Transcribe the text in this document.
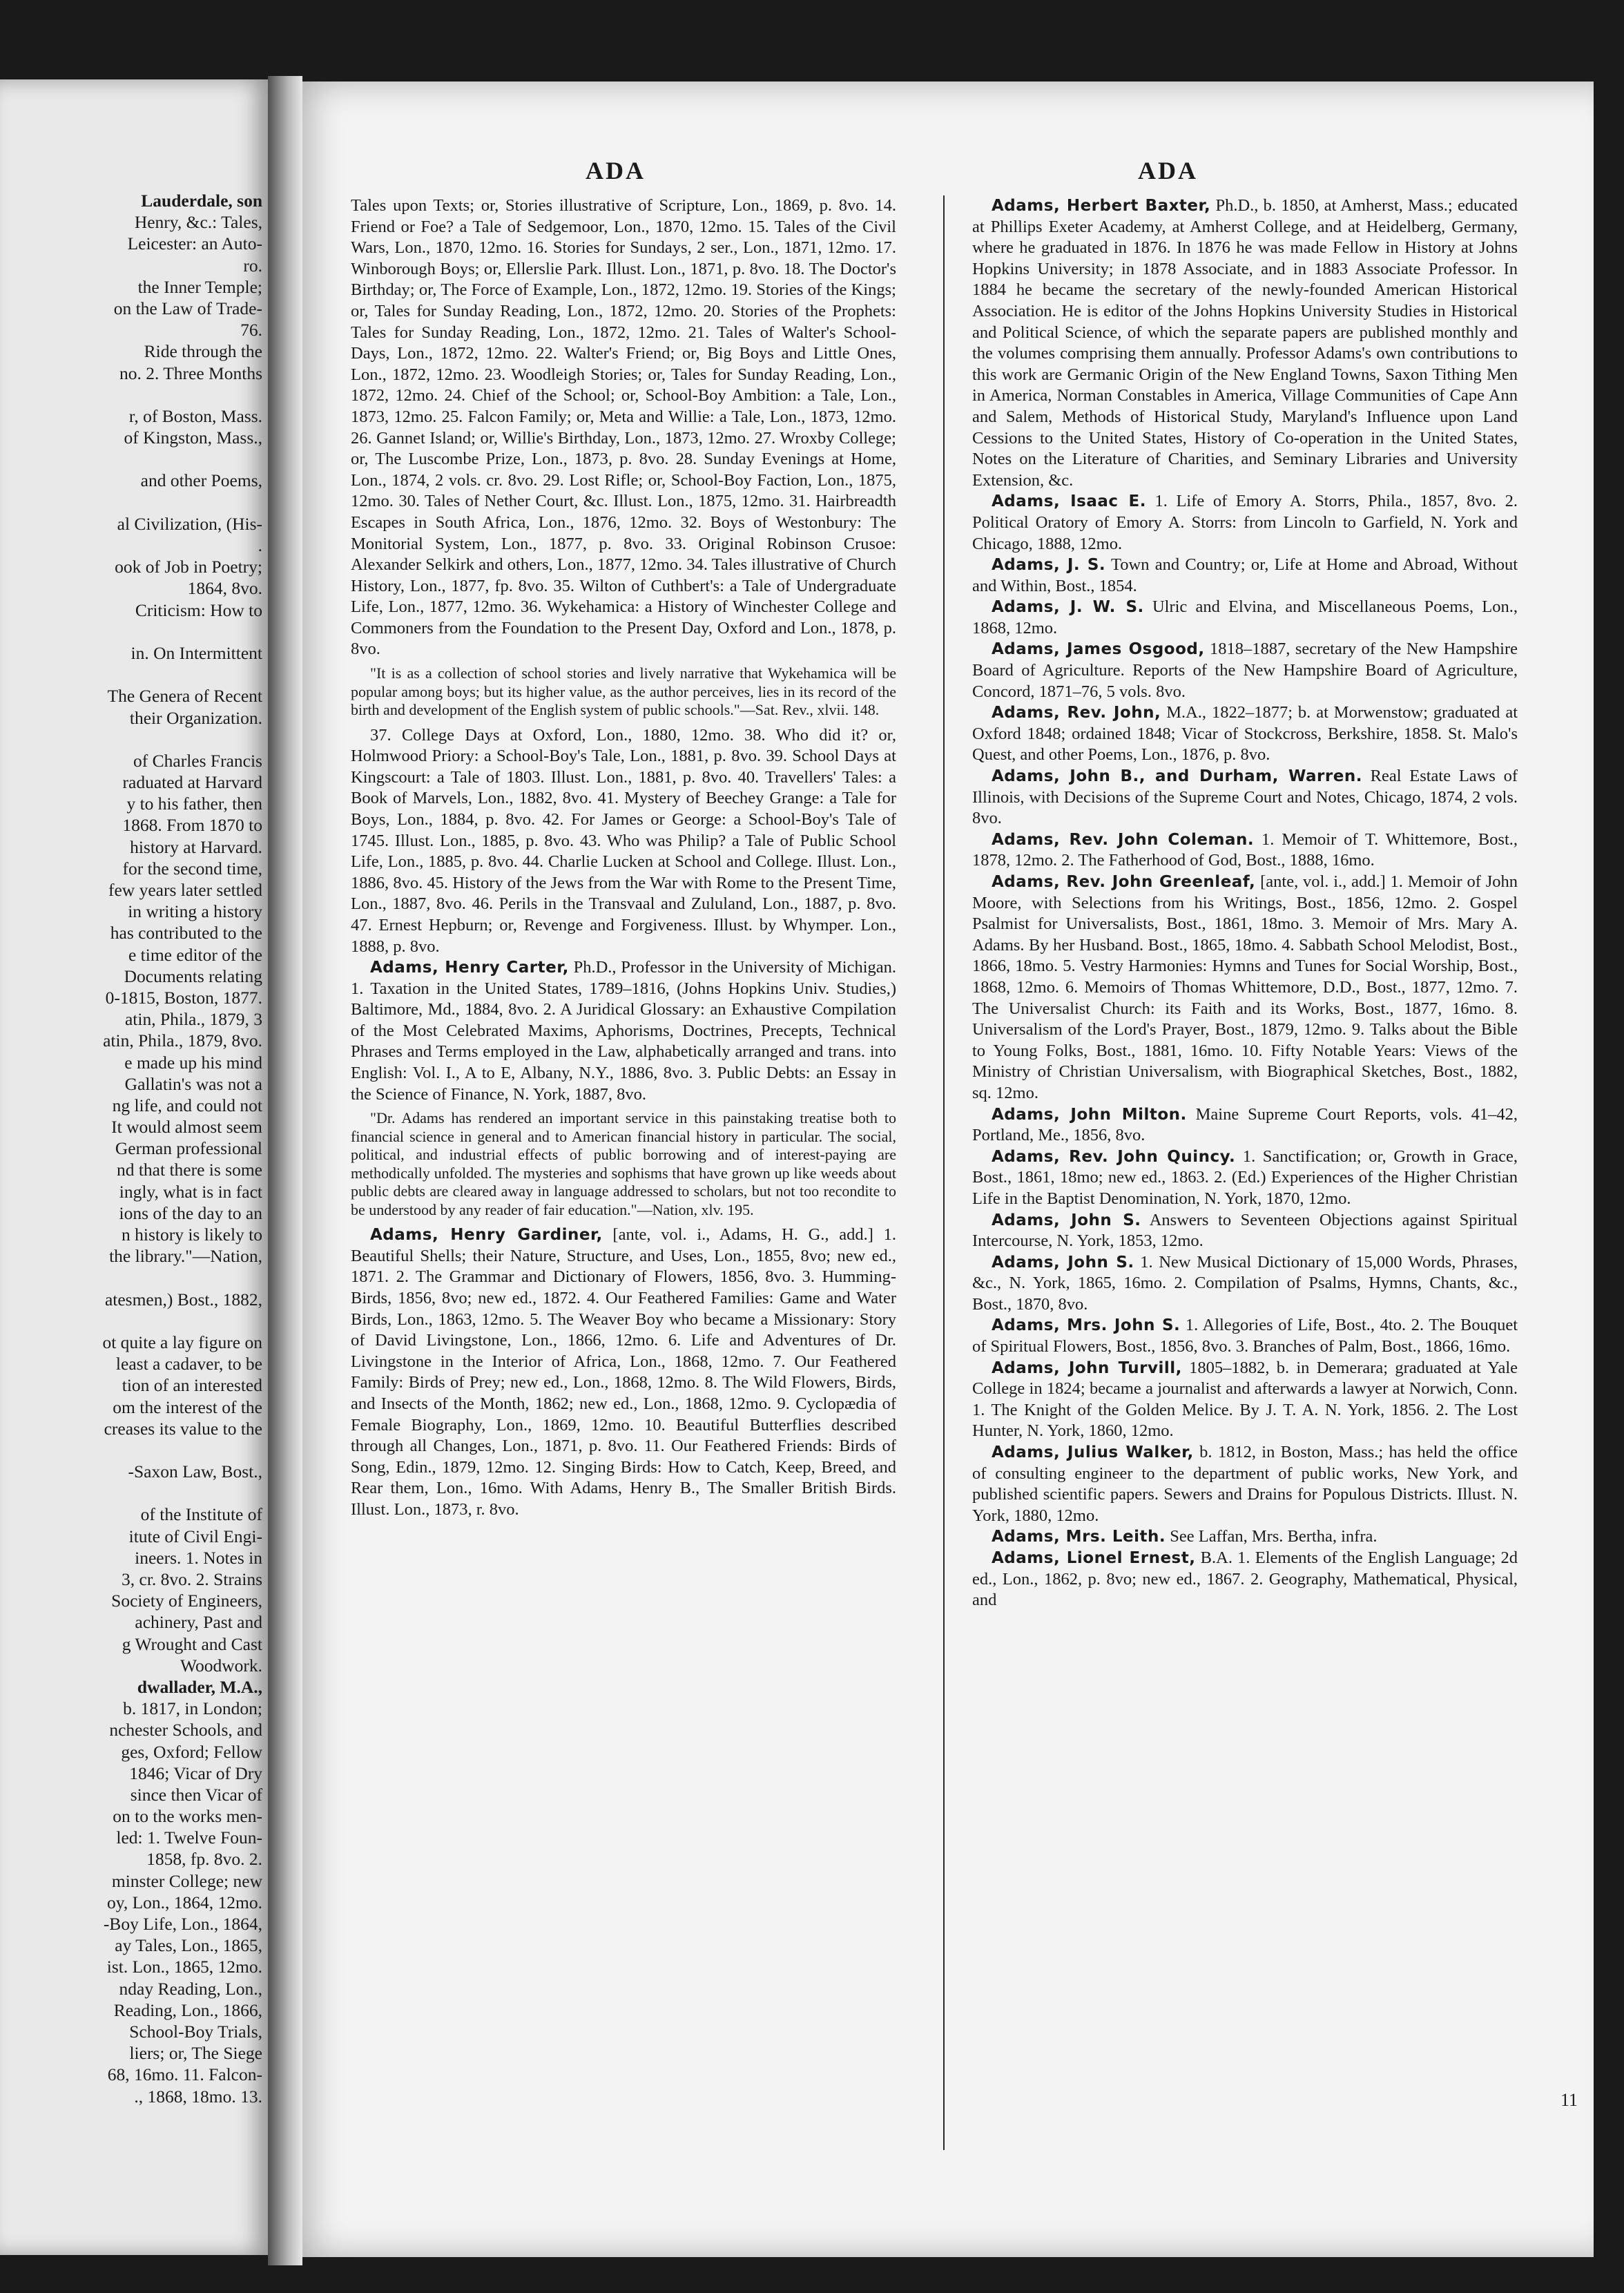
Lauderdale, son
Henry, &c.: Tales,
Leicester: an Auto-
ro.
the Inner Temple;
on the Law of Trade-
76.
Ride through the
no. 2. Three Months
r, of Boston, Mass.
of Kingston, Mass.,
and other Poems,
al Civilization, (His-
.
ook of Job in Poetry;
1864, 8vo.
Criticism: How to
in. On Intermittent
The Genera of Recent
their Organization.
of Charles Francis
raduated at Harvard
y to his father, then
1868. From 1870 to
history at Harvard.
for the second time,
few years later settled
in writing a history
has contributed to the
e time editor of the
Documents relating
0-1815, Boston, 1877.
atin, Phila., 1879, 3
atin, Phila., 1879, 8vo.
e made up his mind
Gallatin's was not a
ng life, and could not
It would almost seem
German professional
nd that there is some
ingly, what is in fact
ions of the day to an
n history is likely to
the library."—Nation,
atesmen,) Bost., 1882,
ot quite a lay figure on
least a cadaver, to be
tion of an interested
om the interest of the
creases its value to the
-Saxon Law, Bost.,
of the Institute of
itute of Civil Engi-
ineers. 1. Notes in
3, cr. 8vo. 2. Strains
Society of Engineers,
achinery, Past and
g Wrought and Cast
Woodwork.
dwallader, M.A.,
b. 1817, in London;
nchester Schools, and
ges, Oxford; Fellow
1846; Vicar of Dry
since then Vicar of
on to the works men-
led: 1. Twelve Foun-
1858, fp. 8vo. 2.
minster College; new
oy, Lon., 1864, 12mo.
-Boy Life, Lon., 1864,
ay Tales, Lon., 1865,
ist. Lon., 1865, 12mo.
nday Reading, Lon.,
Reading, Lon., 1866,
School-Boy Trials,
liers; or, The Siege
68, 16mo. 11. Falcon-
., 1868, 18mo. 13.
ADA	ADA

Tales upon Texts; or, Stories illustrative of Scripture, Lon., 1869, p. 8vo. 14. Friend or Foe? a Tale of Sedgemoor, Lon., 1870, 12mo. 15. Tales of the Civil Wars, Lon., 1870, 12mo. 16. Stories for Sundays, 2 ser., Lon., 1871, 12mo. 17. Winborough Boys; or, Ellerslie Park. Illust. Lon., 1871, p. 8vo. 18. The Doctor's Birthday; or, The Force of Example, Lon., 1872, 12mo. 19. Stories of the Kings; or, Tales for Sunday Reading, Lon., 1872, 12mo. 20. Stories of the Prophets: Tales for Sunday Reading, Lon., 1872, 12mo. 21. Tales of Walter's School-Days, Lon., 1872, 12mo. 22. Walter's Friend; or, Big Boys and Little Ones, Lon., 1872, 12mo. 23. Woodleigh Stories; or, Tales for Sunday Reading, Lon., 1872, 12mo. 24. Chief of the School; or, School-Boy Ambition: a Tale, Lon., 1873, 12mo. 25. Falcon Family; or, Meta and Willie: a Tale, Lon., 1873, 12mo. 26. Gannet Island; or, Willie's Birthday, Lon., 1873, 12mo. 27. Wroxby College; or, The Luscombe Prize, Lon., 1873, p. 8vo. 28. Sunday Evenings at Home, Lon., 1874, 2 vols. cr. 8vo. 29. Lost Rifle; or, School-Boy Faction, Lon., 1875, 12mo. 30. Tales of Nether Court, &c. Illust. Lon., 1875, 12mo. 31. Hairbreadth Escapes in South Africa, Lon., 1876, 12mo. 32. Boys of Westonbury: The Monitorial System, Lon., 1877, p. 8vo. 33. Original Robinson Crusoe: Alexander Selkirk and others, Lon., 1877, 12mo. 34. Tales illustrative of Church History, Lon., 1877, fp. 8vo. 35. Wilton of Cuthbert's: a Tale of Undergraduate Life, Lon., 1877, 12mo. 36. Wykehamica: a History of Winchester College and Commoners from the Foundation to the Present Day, Oxford and Lon., 1878, p. 8vo.

"It is as a collection of school stories and lively narrative that Wykehamica will be popular among boys; but its higher value, as the author perceives, lies in its record of the birth and development of the English system of public schools."—Sat. Rev., xlvii. 148.

37. College Days at Oxford, Lon., 1880, 12mo. 38. Who did it? or, Holmwood Priory: a School-Boy's Tale, Lon., 1881, p. 8vo. 39. School Days at Kingscourt: a Tale of 1803. Illust. Lon., 1881, p. 8vo. 40. Travellers' Tales: a Book of Marvels, Lon., 1882, 8vo. 41. Mystery of Beechey Grange: a Tale for Boys, Lon., 1884, p. 8vo. 42. For James or George: a School-Boy's Tale of 1745. Illust. Lon., 1885, p. 8vo. 43. Who was Philip? a Tale of Public School Life, Lon., 1885, p. 8vo. 44. Charlie Lucken at School and College. Illust. Lon., 1886, 8vo. 45. History of the Jews from the War with Rome to the Present Time, Lon., 1887, 8vo. 46. Perils in the Transvaal and Zululand, Lon., 1887, p. 8vo. 47. Ernest Hepburn; or, Revenge and Forgiveness. Illust. by Whymper. Lon., 1888, p. 8vo.

Adams, Henry Carter, Ph.D., Professor in the University of Michigan. 1. Taxation in the United States, 1789–1816, (Johns Hopkins Univ. Studies,) Baltimore, Md., 1884, 8vo. 2. A Juridical Glossary: an Exhaustive Compilation of the Most Celebrated Maxims, Aphorisms, Doctrines, Precepts, Technical Phrases and Terms employed in the Law, alphabetically arranged and trans. into English: Vol. I., A to E, Albany, N.Y., 1886, 8vo. 3. Public Debts: an Essay in the Science of Finance, N. York, 1887, 8vo.

"Dr. Adams has rendered an important service in this painstaking treatise both to financial science in general and to American financial history in particular. The social, political, and industrial effects of public borrowing and of interest-paying are methodically unfolded. The mysteries and sophisms that have grown up like weeds about public debts are cleared away in language addressed to scholars, but not too recondite to be understood by any reader of fair education."—Nation, xlv. 195.

Adams, Henry Gardiner, [ante, vol. i., Adams, H. G., add.] 1. Beautiful Shells; their Nature, Structure, and Uses, Lon., 1855, 8vo; new ed., 1871. 2. The Grammar and Dictionary of Flowers, 1856, 8vo. 3. Humming-Birds, 1856, 8vo; new ed., 1872. 4. Our Feathered Families: Game and Water Birds, Lon., 1863, 12mo. 5. The Weaver Boy who became a Missionary: Story of David Livingstone, Lon., 1866, 12mo. 6. Life and Adventures of Dr. Livingstone in the Interior of Africa, Lon., 1868, 12mo. 7. Our Feathered Family: Birds of Prey; new ed., Lon., 1868, 12mo. 8. The Wild Flowers, Birds, and Insects of the Month, 1862; new ed., Lon., 1868, 12mo. 9. Cyclopædia of Female Biography, Lon., 1869, 12mo. 10. Beautiful Butterflies described through all Changes, Lon., 1871, p. 8vo. 11. Our Feathered Friends: Birds of Song, Edin., 1879, 12mo. 12. Singing Birds: How to Catch, Keep, Breed, and Rear them, Lon., 16mo. With Adams, Henry B., The Smaller British Birds. Illust. Lon., 1873, r. 8vo.

Adams, Herbert Baxter, Ph.D., b. 1850, at Amherst, Mass.; educated at Phillips Exeter Academy, at Amherst College, and at Heidelberg, Germany, where he graduated in 1876. In 1876 he was made Fellow in History at Johns Hopkins University; in 1878 Associate, and in 1883 Associate Professor. In 1884 he became the secretary of the newly-founded American Historical Association. He is editor of the Johns Hopkins University Studies in Historical and Political Science, of which the separate papers are published monthly and the volumes comprising them annually. Professor Adams's own contributions to this work are Germanic Origin of the New England Towns, Saxon Tithing Men in America, Norman Constables in America, Village Communities of Cape Ann and Salem, Methods of Historical Study, Maryland's Influence upon Land Cessions to the United States, History of Co-operation in the United States, Notes on the Literature of Charities, and Seminary Libraries and University Extension, &c.

Adams, Isaac E. 1. Life of Emory A. Storrs, Phila., 1857, 8vo. 2. Political Oratory of Emory A. Storrs: from Lincoln to Garfield, N. York and Chicago, 1888, 12mo.

Adams, J. S. Town and Country; or, Life at Home and Abroad, Without and Within, Bost., 1854.

Adams, J. W. S. Ulric and Elvina, and Miscellaneous Poems, Lon., 1868, 12mo.

Adams, James Osgood, 1818–1887, secretary of the New Hampshire Board of Agriculture. Reports of the New Hampshire Board of Agriculture, Concord, 1871–76, 5 vols. 8vo.

Adams, Rev. John, M.A., 1822–1877; b. at Morwenstow; graduated at Oxford 1848; ordained 1848; Vicar of Stockcross, Berkshire, 1858. St. Malo's Quest, and other Poems, Lon., 1876, p. 8vo.

Adams, John B., and Durham, Warren. Real Estate Laws of Illinois, with Decisions of the Supreme Court and Notes, Chicago, 1874, 2 vols. 8vo.

Adams, Rev. John Coleman. 1. Memoir of T. Whittemore, Bost., 1878, 12mo. 2. The Fatherhood of God, Bost., 1888, 16mo.

Adams, Rev. John Greenleaf, [ante, vol. i., add.] 1. Memoir of John Moore, with Selections from his Writings, Bost., 1856, 12mo. 2. Gospel Psalmist for Universalists, Bost., 1861, 18mo. 3. Memoir of Mrs. Mary A. Adams. By her Husband. Bost., 1865, 18mo. 4. Sabbath School Melodist, Bost., 1866, 18mo. 5. Vestry Harmonies: Hymns and Tunes for Social Worship, Bost., 1868, 12mo. 6. Memoirs of Thomas Whittemore, D.D., Bost., 1877, 12mo. 7. The Universalist Church: its Faith and its Works, Bost., 1877, 16mo. 8. Universalism of the Lord's Prayer, Bost., 1879, 12mo. 9. Talks about the Bible to Young Folks, Bost., 1881, 16mo. 10. Fifty Notable Years: Views of the Ministry of Christian Universalism, with Biographical Sketches, Bost., 1882, sq. 12mo.

Adams, John Milton. Maine Supreme Court Reports, vols. 41–42, Portland, Me., 1856, 8vo.

Adams, Rev. John Quincy. 1. Sanctification; or, Growth in Grace, Bost., 1861, 18mo; new ed., 1863. 2. (Ed.) Experiences of the Higher Christian Life in the Baptist Denomination, N. York, 1870, 12mo.

Adams, John S. Answers to Seventeen Objections against Spiritual Intercourse, N. York, 1853, 12mo.

Adams, John S. 1. New Musical Dictionary of 15,000 Words, Phrases, &c., N. York, 1865, 16mo. 2. Compilation of Psalms, Hymns, Chants, &c., Bost., 1870, 8vo.

Adams, Mrs. John S. 1. Allegories of Life, Bost., 4to. 2. The Bouquet of Spiritual Flowers, Bost., 1856, 8vo. 3. Branches of Palm, Bost., 1866, 16mo.

Adams, John Turvill, 1805–1882, b. in Demerara; graduated at Yale College in 1824; became a journalist and afterwards a lawyer at Norwich, Conn. 1. The Knight of the Golden Melice. By J. T. A. N. York, 1856. 2. The Lost Hunter, N. York, 1860, 12mo.

Adams, Julius Walker, b. 1812, in Boston, Mass.; has held the office of consulting engineer to the department of public works, New York, and published scientific papers. Sewers and Drains for Populous Districts. Illust. N. York, 1880, 12mo.

Adams, Mrs. Leith. See Laffan, Mrs. Bertha, infra.

Adams, Lionel Ernest, B.A. 1. Elements of the English Language; 2d ed., Lon., 1862, p. 8vo; new ed., 1867. 2. Geography, Mathematical, Physical, and

11
